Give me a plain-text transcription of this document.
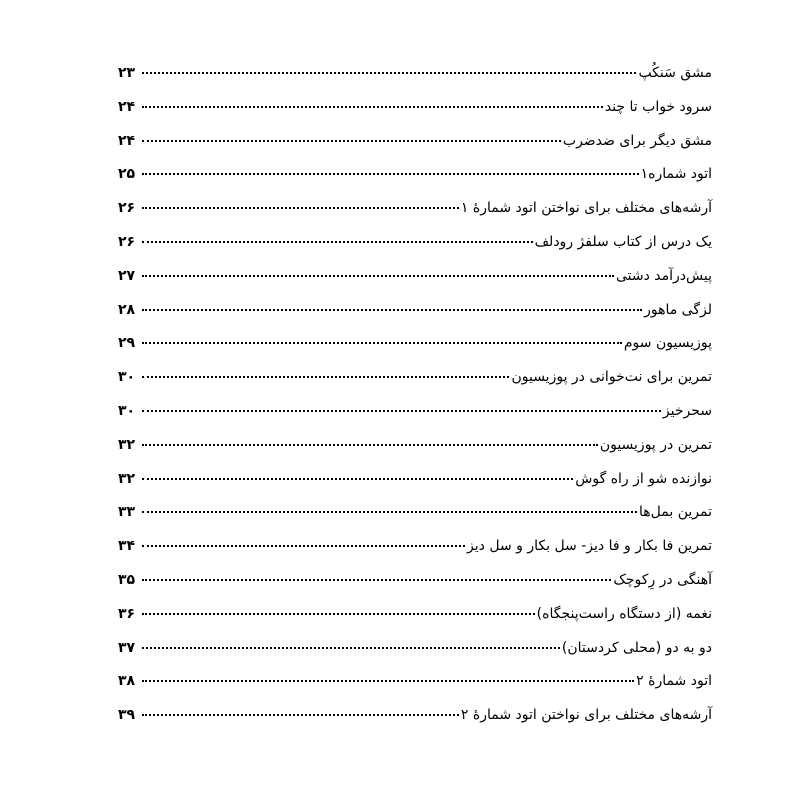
مشق سَنکُپ
۲۳
سرود خواب تا چند
۲۴
مشق دیگر برای ضدضرب
۲۴
اتود شماره۱
۲۵
آرشه‌های مختلف برای نواختن اتود شمارهٔ ۱
۲۶
یک درس از کتاب سلفژ رودلف
۲۶
پیش‌درآمد دشتی
۲۷
لزگی ماهور
۲۸
پوزیسیون سوم
۲۹
تمرین برای نت‌خوانی در پوزیسیون
۳۰
سحرخیز
۳۰
تمرین در پوزیسیون
۳۲
نوازنده شو از راه گوش
۳۲
تمرین بمل‌ها
۳۳
تمرین فا بکار و فا دیز- سل بکار و سل دیز
۳۴
آهنگی در رِکوچک
۳۵
نغمه (از دستگاه راست‌پنجگاه)
۳۶
دو به دو (محلی کردستان)
۳۷
اتود شمارهٔ ۲
۳۸
آرشه‌های مختلف برای نواختن اتود شمارهٔ ۲
۳۹
